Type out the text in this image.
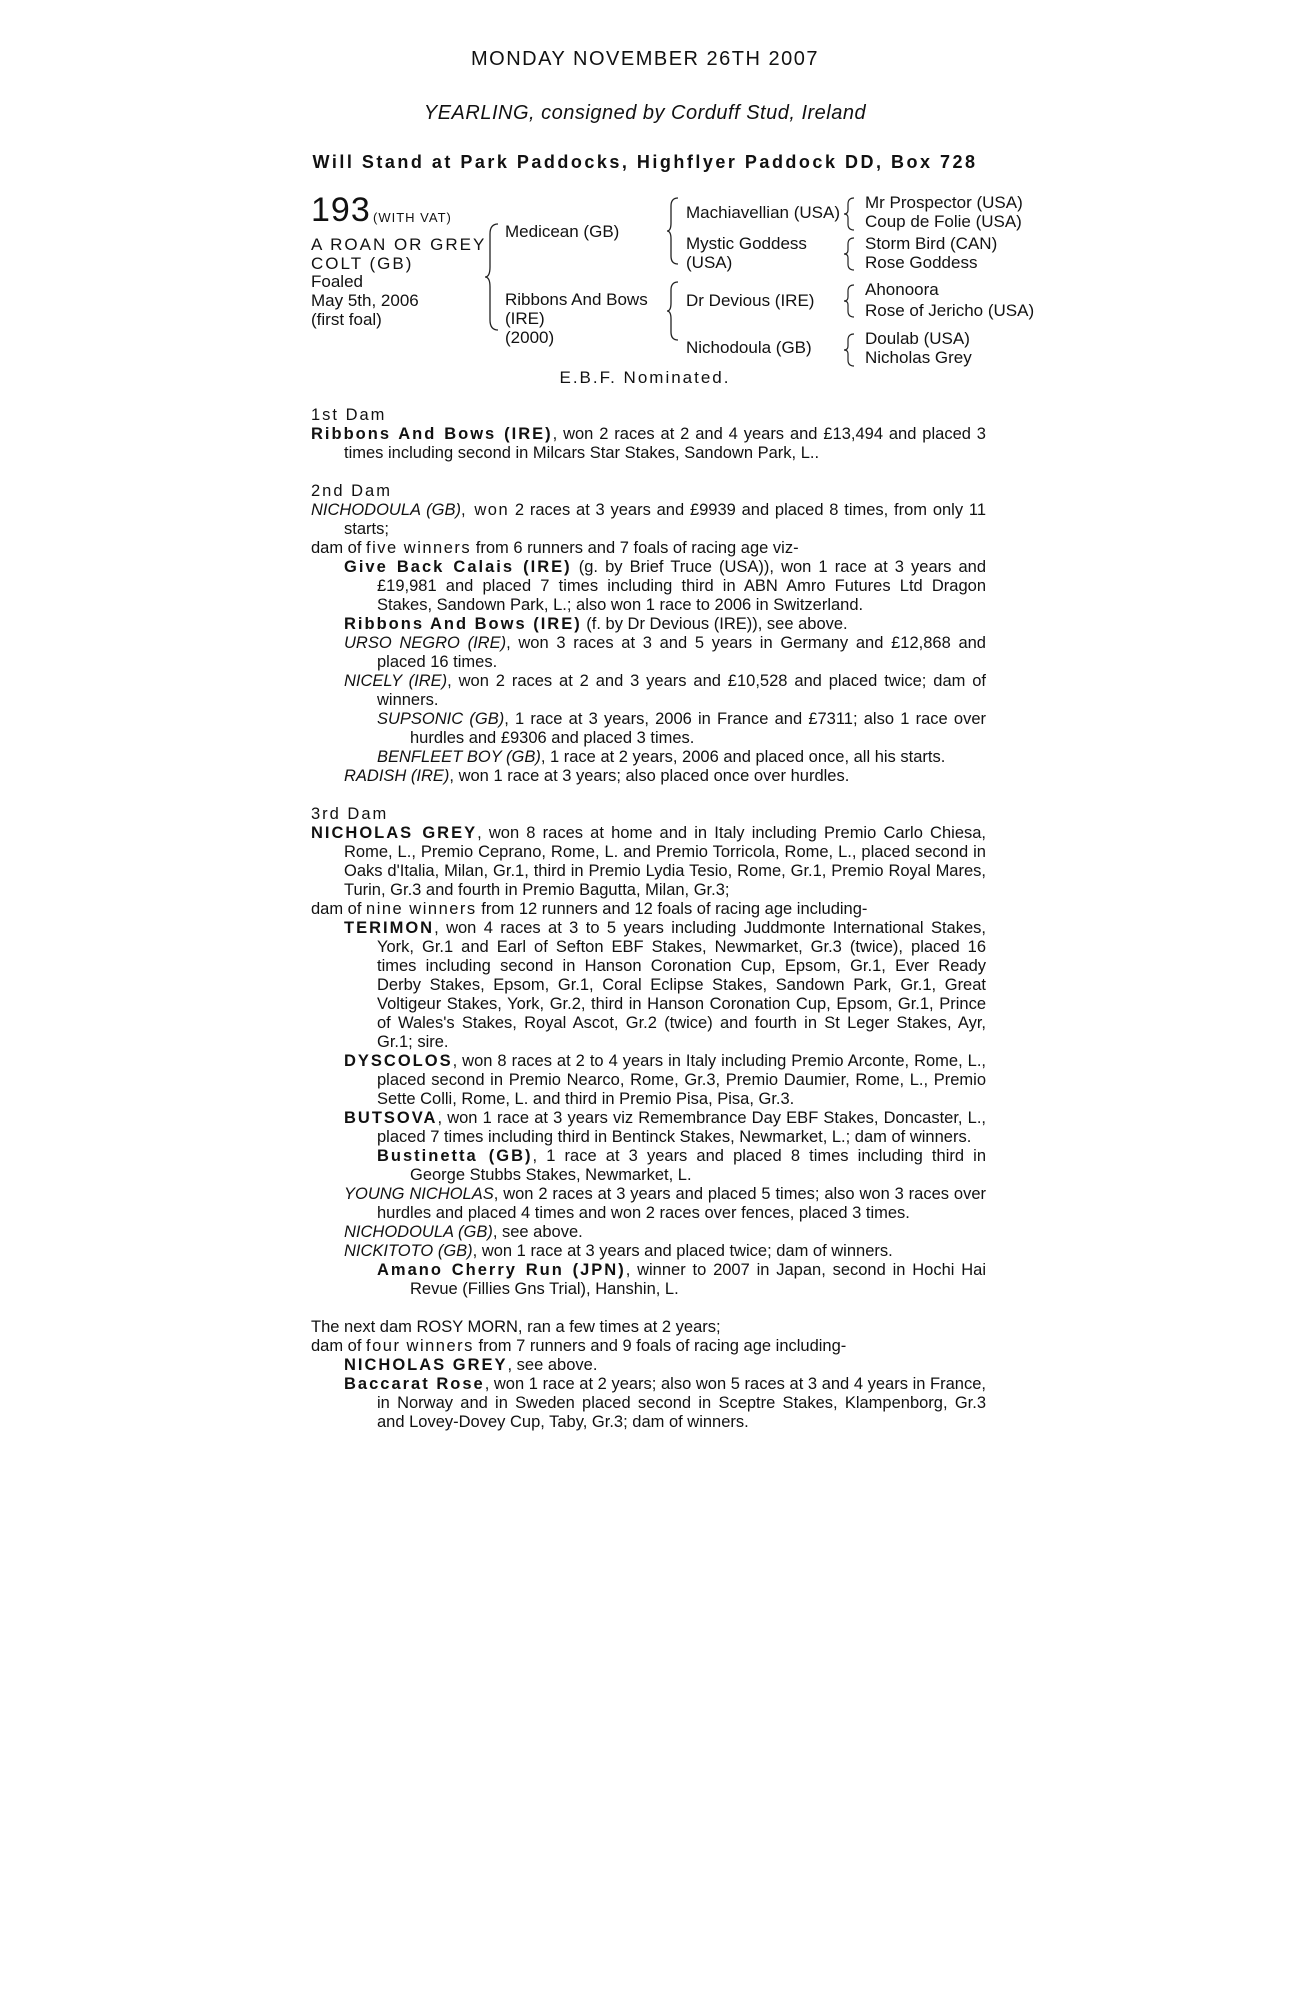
MONDAY NOVEMBER 26TH 2007
YEARLING, consigned by Corduff Stud, Ireland
Will Stand at Park Paddocks, Highflyer Paddock DD, Box 728
193 (WITH VAT)
A ROAN OR GREY
COLT (GB)
Foaled
May 5th, 2006
(first foal)
Medicean (GB)
Ribbons And Bows
(IRE)
(2000)
Machiavellian (USA)
Mystic Goddess
(USA)
Dr Devious (IRE)
Nichodoula (GB)
Mr Prospector (USA)
Coup de Folie (USA)
Storm Bird (CAN)
Rose Goddess
Ahonoora
Rose of Jericho (USA)
Doulab (USA)
Nicholas Grey
E.B.F. Nominated.
1st Dam
Ribbons And Bows (IRE), won 2 races at 2 and 4 years and £13,494 and placed 3 times including second in Milcars Star Stakes, Sandown Park, L..
2nd Dam
NICHODOULA (GB), won 2 races at 3 years and £9939 and placed 8 times, from only 11 starts;
dam of five winners from 6 runners and 7 foals of racing age viz-
Give Back Calais (IRE) (g. by Brief Truce (USA)), won 1 race at 3 years and £19,981 and placed 7 times including third in ABN Amro Futures Ltd Dragon Stakes, Sandown Park, L.; also won 1 race to 2006 in Switzerland.
Ribbons And Bows (IRE) (f. by Dr Devious (IRE)), see above.
URSO NEGRO (IRE), won 3 races at 3 and 5 years in Germany and £12,868 and placed 16 times.
NICELY (IRE), won 2 races at 2 and 3 years and £10,528 and placed twice; dam of winners.
SUPSONIC (GB), 1 race at 3 years, 2006 in France and £7311; also 1 race over hurdles and £9306 and placed 3 times.
BENFLEET BOY (GB), 1 race at 2 years, 2006 and placed once, all his starts.
RADISH (IRE), won 1 race at 3 years; also placed once over hurdles.
3rd Dam
NICHOLAS GREY, won 8 races at home and in Italy including Premio Carlo Chiesa, Rome, L., Premio Ceprano, Rome, L. and Premio Torricola, Rome, L., placed second in Oaks d'Italia, Milan, Gr.1, third in Premio Lydia Tesio, Rome, Gr.1, Premio Royal Mares, Turin, Gr.3 and fourth in Premio Bagutta, Milan, Gr.3;
dam of nine winners from 12 runners and 12 foals of racing age including-
TERIMON, won 4 races at 3 to 5 years including Juddmonte International Stakes, York, Gr.1 and Earl of Sefton EBF Stakes, Newmarket, Gr.3 (twice), placed 16 times including second in Hanson Coronation Cup, Epsom, Gr.1, Ever Ready Derby Stakes, Epsom, Gr.1, Coral Eclipse Stakes, Sandown Park, Gr.1, Great Voltigeur Stakes, York, Gr.2, third in Hanson Coronation Cup, Epsom, Gr.1, Prince of Wales's Stakes, Royal Ascot, Gr.2 (twice) and fourth in St Leger Stakes, Ayr, Gr.1; sire.
DYSCOLOS, won 8 races at 2 to 4 years in Italy including Premio Arconte, Rome, L., placed second in Premio Nearco, Rome, Gr.3, Premio Daumier, Rome, L., Premio Sette Colli, Rome, L. and third in Premio Pisa, Pisa, Gr.3.
BUTSOVA, won 1 race at 3 years viz Remembrance Day EBF Stakes, Doncaster, L., placed 7 times including third in Bentinck Stakes, Newmarket, L.; dam of winners.
Bustinetta (GB), 1 race at 3 years and placed 8 times including third in George Stubbs Stakes, Newmarket, L.
YOUNG NICHOLAS, won 2 races at 3 years and placed 5 times; also won 3 races over hurdles and placed 4 times and won 2 races over fences, placed 3 times.
NICHODOULA (GB), see above.
NICKITOTO (GB), won 1 race at 3 years and placed twice; dam of winners.
Amano Cherry Run (JPN), winner to 2007 in Japan, second in Hochi Hai Revue (Fillies Gns Trial), Hanshin, L.
The next dam ROSY MORN, ran a few times at 2 years;
dam of four winners from 7 runners and 9 foals of racing age including-
NICHOLAS GREY, see above.
Baccarat Rose, won 1 race at 2 years; also won 5 races at 3 and 4 years in France, in Norway and in Sweden placed second in Sceptre Stakes, Klampenborg, Gr.3 and Lovey-Dovey Cup, Taby, Gr.3; dam of winners.
